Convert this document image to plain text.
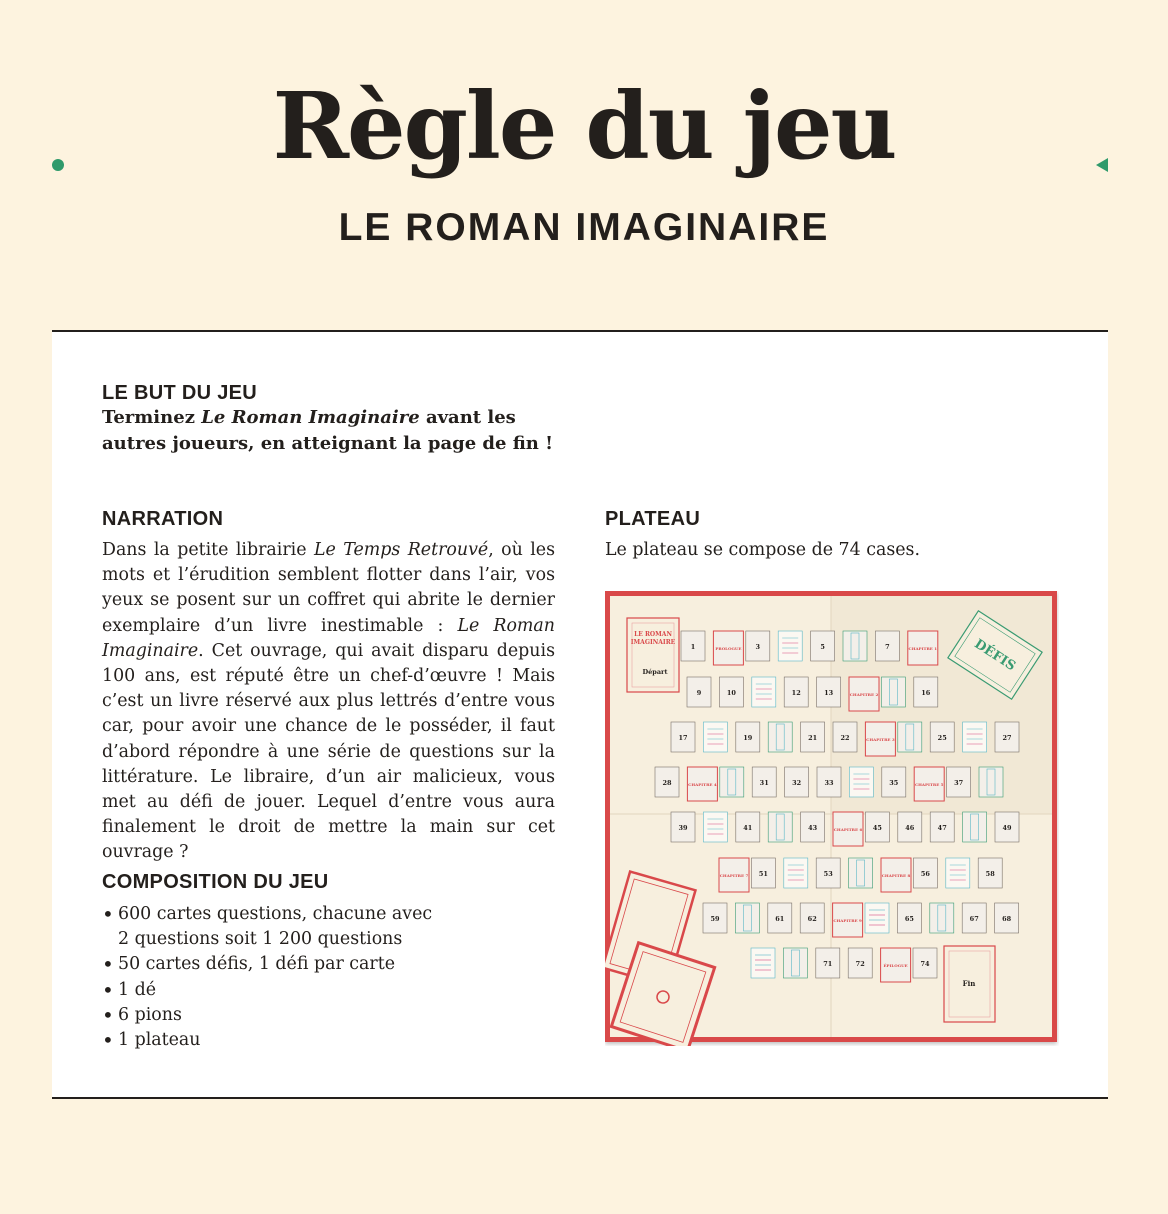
Règle du jeu
LE ROMAN IMAGINAIRE
LE BUT DU JEU

Terminez Le Roman Imaginaire avant les
autres joueurs, en atteignant la page de fin !

NARRATION

Dans la petite librairie Le Temps Retrouvé, où les mots et l’érudition semblent flotter dans l’air, vos yeux se posent sur un coffret qui abrite le dernier exemplaire d’un livre inestimable : Le Roman Imaginaire. Cet ouvrage, qui avait disparu depuis 100 ans, est réputé être un chef-d’œuvre ! Mais c’est un livre réservé aux plus lettrés d’entre vous car, pour avoir une chance de le posséder, il faut d’abord répondre à une série de questions sur la littérature. Le libraire, d’un air malicieux, vous met au défi de jouer. Lequel d’entre vous aura finalement le droit de mettre la main sur cet ouvrage ?

COMPOSITION DU JEU
• 600 cartes questions, chacune avec
2 questions soit 1 200 questions
• 50 cartes défis, 1 défi par carte
• 1 dé
• 6 pions
• 1 plateau
PLATEAU

Le plateau se compose de 74 cases.

LE ROMAN
IMAGINAIRE
Départ	DÉFIS
Fin
1	PROLOGUE 3	5	7	CHAPITRE 1
9	10	12	13	CHAPITRE 2	16
17	19	21	22	CHAPITRE 3	25	27
28	CHAPITRE 4	31	32	33	35	CHAPITRE 5 37
39	41	43	CHAPITRE 6 45	46	47	49
CHAPITRE 7 51	53	CHAPITRE 8 56	58
59	61	62	CHAPITRE 9	65	67	68
71	72	ÉPILOGUE 74
